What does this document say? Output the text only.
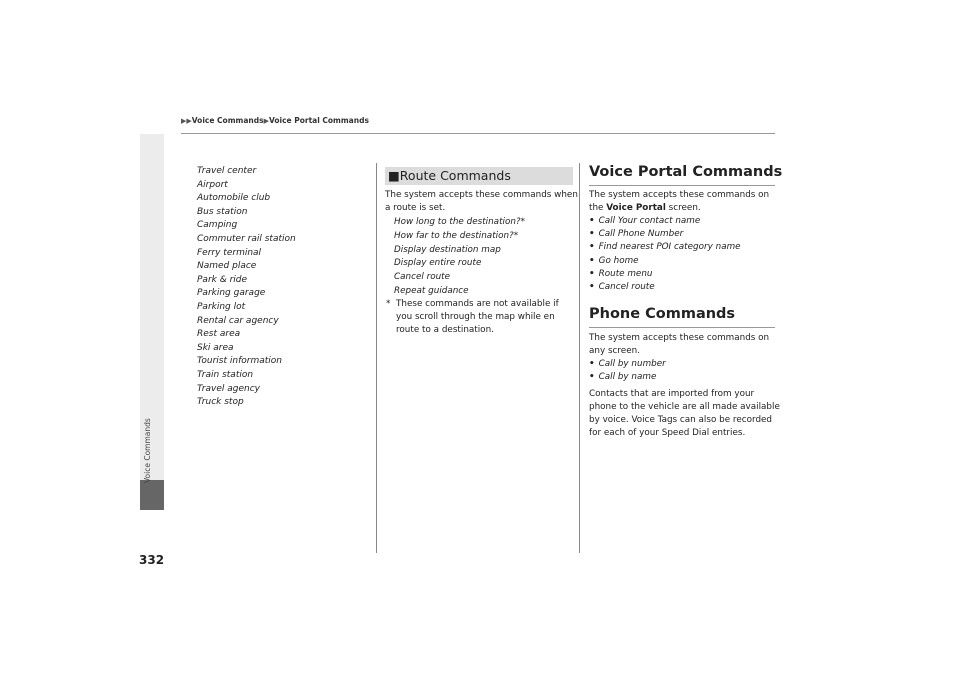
▶▶Voice Commands▶Voice Portal Commands
Voice Commands
332
Travel center
Airport
Automobile club
Bus station
Camping
Commuter rail station
Ferry terminal
Named place
Park & ride
Parking garage
Parking lot
Rental car agency
Rest area
Ski area
Tourist information
Train station
Travel agency
Truck stop
■Route Commands
The system accepts these commands when
a route is set.
How long to the destination?*
How far to the destination?*
Display destination map
Display entire route
Cancel route
Repeat guidance
* These commands are not available if
you scroll through the map while en
route to a destination.
Voice Portal Commands
The system accepts these commands on
the Voice Portal screen.
• Call Your contact name
• Call Phone Number
• Find nearest POI category name
• Go home
• Route menu
• Cancel route
Phone Commands
The system accepts these commands on
any screen.
• Call by number
• Call by name
Contacts that are imported from your
phone to the vehicle are all made available
by voice. Voice Tags can also be recorded
for each of your Speed Dial entries.
